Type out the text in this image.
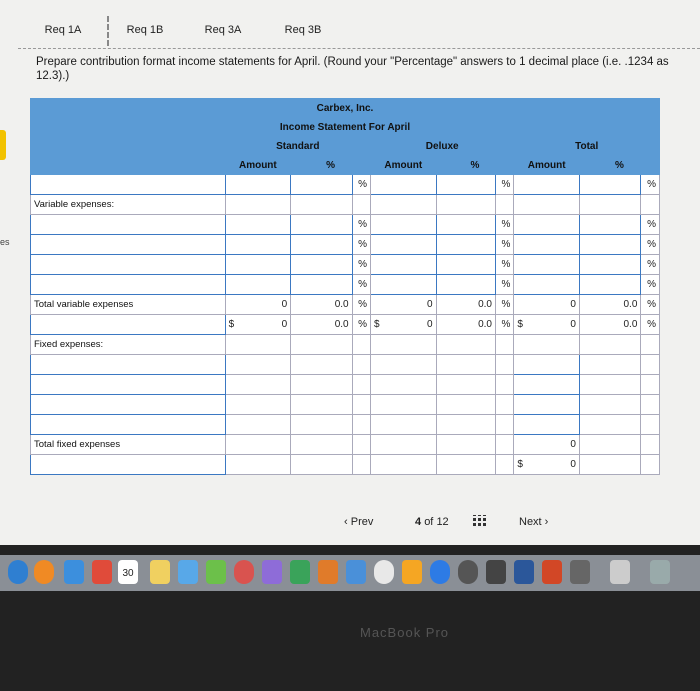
Req 1A	Req 1B	Req 3A	Req 3B
Prepare contribution format income statements for April. (Round your "Percentage" answers to 1 decimal place (i.e. .1234 as 12.3).)
es
Carbex, Inc.									
Income Statement For April									
	Standard			Deluxe			Total		
	Amount	%		Amount	%		Amount	%	
			%			%			%
Variable expenses:									
			%			%			%
			%			%			%
			%			%			%
			%			%			%
Total variable expenses	0	0.0	%	0	0.0	%	0	0.0	%
	$ 0	0.0	%	$ 0	0.0	%	$ 0	0.0	%
Fixed expenses:									

Total fixed expenses							0		
							$ 0		

‹ Prev	4 of 12	Next ›
30
MacBook Pro
